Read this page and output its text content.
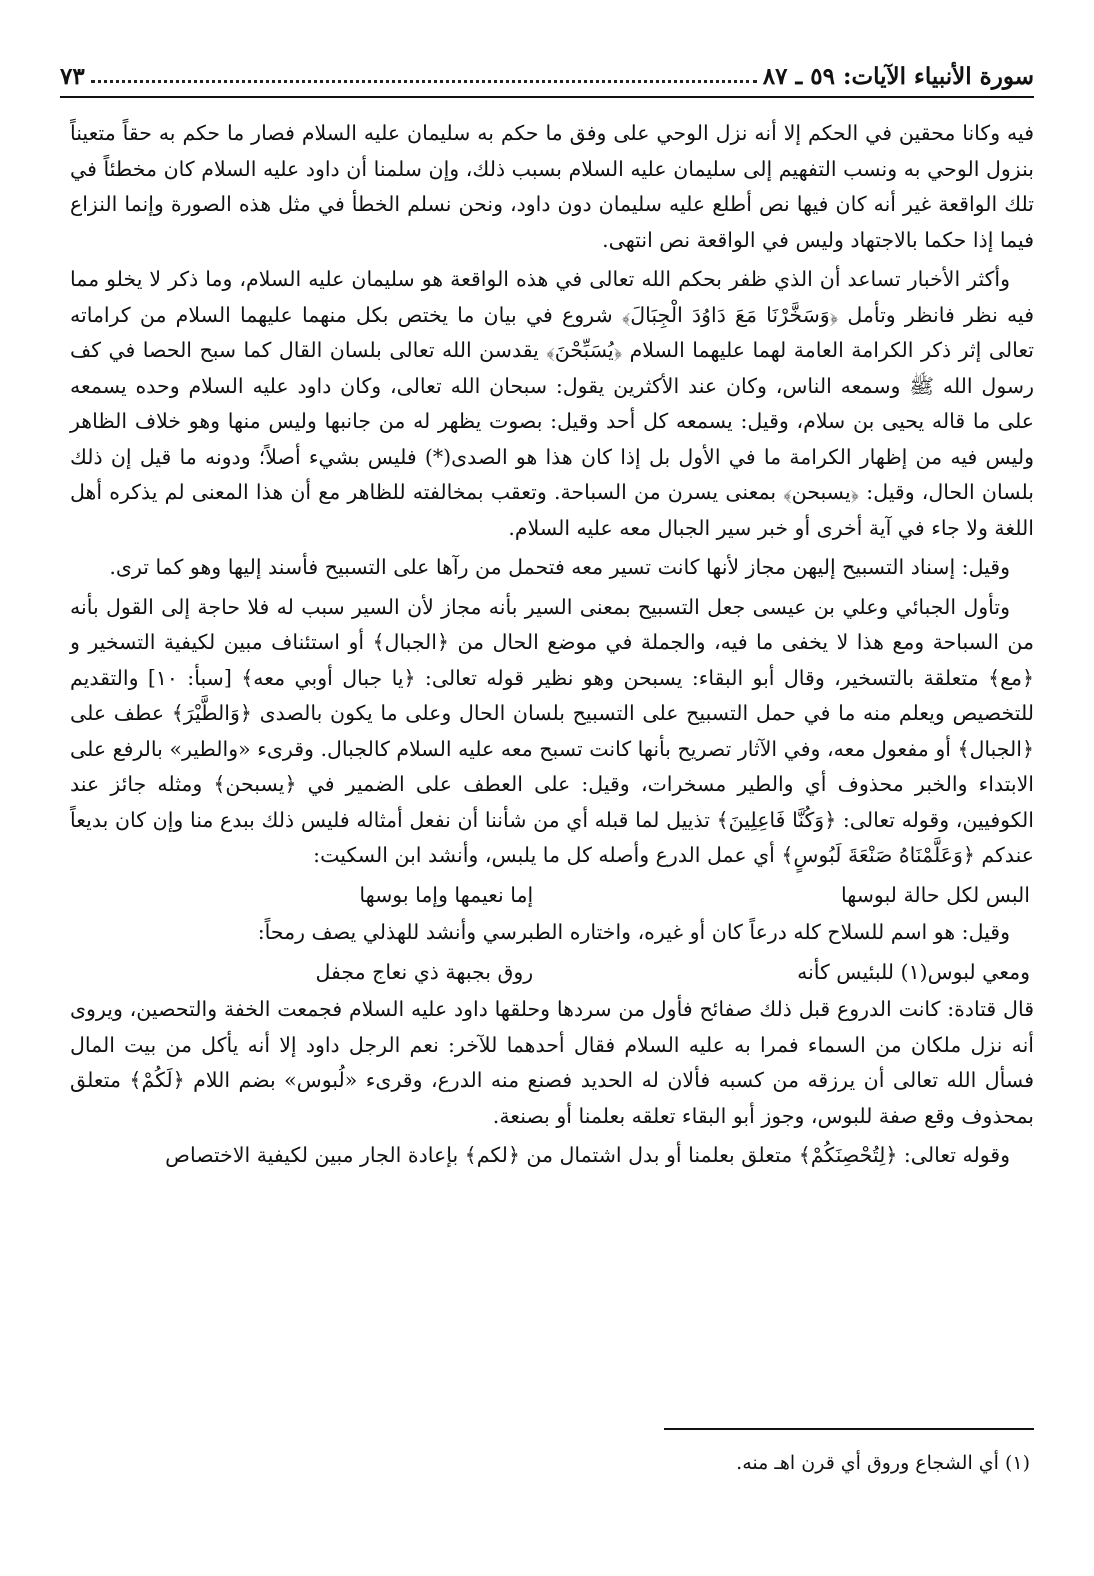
سورة الأنبياء الآيات: ٥٩ ـ ٨٧
٧٣

فيه وكانا محقين في الحكم إلا أنه نزل الوحي على وفق ما حكم به سليمان عليه السلام فصار ما حكم به حقاً متعيناً بنزول الوحي به ونسب التفهيم إلى سليمان عليه السلام بسبب ذلك، وإن سلمنا أن داود عليه السلام كان مخطئاً في تلك الواقعة غير أنه كان فيها نص أطلع عليه سليمان دون داود، ونحن نسلم الخطأ في مثل هذه الصورة وإنما النزاع فيما إذا حكما بالاجتهاد وليس في الواقعة نص انتهى.

وأكثر الأخبار تساعد أن الذي ظفر بحكم الله تعالى في هذه الواقعة هو سليمان عليه السلام، وما ذكر لا يخلو مما فيه نظر فانظر وتأمل ﴿وَسَخَّرْنَا مَعَ دَاوُدَ الْجِبَالَ﴾ شروع في بيان ما يختص بكل منهما عليهما السلام من كراماته تعالى إثر ذكر الكرامة العامة لهما عليهما السلام ﴿يُسَبِّحْنَ﴾ يقدسن الله تعالى بلسان القال كما سبح الحصا في كف رسول الله ﷺ وسمعه الناس، وكان عند الأكثرين يقول: سبحان الله تعالى، وكان داود عليه السلام وحده يسمعه على ما قاله يحيى بن سلام، وقيل: يسمعه كل أحد وقيل: بصوت يظهر له من جانبها وليس منها وهو خلاف الظاهر وليس فيه من إظهار الكرامة ما في الأول بل إذا كان هذا هو الصدى(*) فليس بشيء أصلاً؛ ودونه ما قيل إن ذلك بلسان الحال، وقيل: ﴿يسبحن﴾ بمعنى يسرن من السباحة. وتعقب بمخالفته للظاهر مع أن هذا المعنى لم يذكره أهل اللغة ولا جاء في آية أخرى أو خبر سير الجبال معه عليه السلام.

وقيل: إسناد التسبيح إليهن مجاز لأنها كانت تسير معه فتحمل من رآها على التسبيح فأسند إليها وهو كما ترى.

وتأول الجبائي وعلي بن عيسى جعل التسبيح بمعنى السير بأنه مجاز لأن السير سبب له فلا حاجة إلى القول بأنه من السباحة ومع هذا لا يخفى ما فيه، والجملة في موضع الحال من ﴿الجبال﴾ أو استئناف مبين لكيفية التسخير و ﴿مع﴾ متعلقة بالتسخير، وقال أبو البقاء: يسبحن وهو نظير قوله تعالى: ﴿يا جبال أوبي معه﴾ [سبأ: ١٠] والتقديم للتخصيص ويعلم منه ما في حمل التسبيح على التسبيح بلسان الحال وعلى ما يكون بالصدى ﴿وَالطَّيْرَ﴾ عطف على ﴿الجبال﴾ أو مفعول معه، وفي الآثار تصريح بأنها كانت تسبح معه عليه السلام كالجبال. وقرىء «والطير» بالرفع على الابتداء والخبر محذوف أي والطير مسخرات، وقيل: على العطف على الضمير في ﴿يسبحن﴾ ومثله جائز عند الكوفيين، وقوله تعالى: ﴿وَكُنَّا فَاعِلِينَ﴾ تذييل لما قبله أي من شأننا أن نفعل أمثاله فليس ذلك ببدع منا وإن كان بديعاً عندكم ﴿وَعَلَّمْنَاهُ صَنْعَةَ لَبُوسٍ﴾ أي عمل الدرع وأصله كل ما يلبس، وأنشد ابن السكيت:

البس لكل حالة لبوسها
إما نعيمها وإما بوسها

وقيل: هو اسم للسلاح كله درعاً كان أو غيره، واختاره الطبرسي وأنشد للهذلي يصف رمحاً:

ومعي لبوس(١) للبئيس كأنه
روق بجبهة ذي نعاج مجفل

قال قتادة: كانت الدروع قبل ذلك صفائح فأول من سردها وحلقها داود عليه السلام فجمعت الخفة والتحصين، ويروى أنه نزل ملكان من السماء فمرا به عليه السلام فقال أحدهما للآخر: نعم الرجل داود إلا أنه يأكل من بيت المال فسأل الله تعالى أن يرزقه من كسبه فألان له الحديد فصنع منه الدرع، وقرىء «لُبوس» بضم اللام ﴿لَكُمْ﴾ متعلق بمحذوف وقع صفة للبوس، وجوز أبو البقاء تعلقه بعلمنا أو بصنعة.

وقوله تعالى: ﴿لِتُحْصِنَكُمْ﴾ متعلق بعلمنا أو بدل اشتمال من ﴿لكم﴾ بإعادة الجار مبين لكيفية الاختصاص

(١) أي الشجاع وروق أي قرن اهـ منه.
